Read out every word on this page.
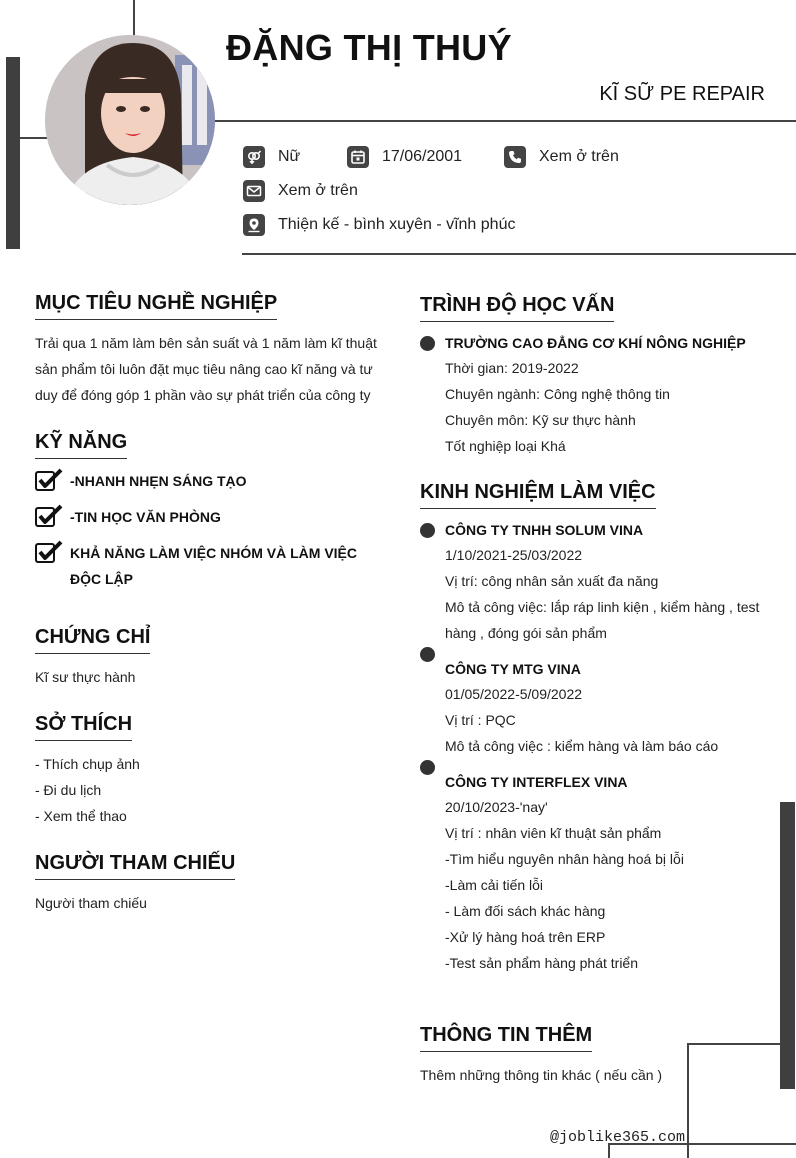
ĐẶNG THỊ THUÝ
KĨ SỮ PE REPAIR
Nữ	17/06/2001	Xem ở trên
Xem ở trên
Thiện kế - bình xuyên - vĩnh phúc
MỤC TIÊU NGHỀ NGHIỆP
Trải qua 1 năm làm bên sản suất và 1 năm làm kĩ thuật sản phẩm tôi luôn đặt mục tiêu nâng cao kĩ năng và tư duy để đóng góp 1 phần vào sự phát triển của công ty
KỸ NĂNG
-NHANH NHẸN SÁNG TẠO
-TIN HỌC VĂN PHÒNG
KHẢ NĂNG LÀM VIỆC NHÓM VÀ LÀM VIỆC ĐỘC LẬP
CHỨNG CHỈ
Kĩ sư thực hành
SỞ THÍCH
- Thích chụp ảnh
- Đi du lịch
- Xem thể thao
NGƯỜI THAM CHIẾU
Người tham chiếu
TRÌNH ĐỘ HỌC VẤN
TRƯỜNG CAO ĐẲNG CƠ KHÍ NÔNG NGHIỆP
Thời gian: 2019-2022
Chuyên ngành: Công nghệ thông tin
Chuyên môn: Kỹ sư thực hành
Tốt nghiệp loại Khá
KINH NGHIỆM LÀM VIỆC
CÔNG TY TNHH SOLUM VINA
1/10/2021-25/03/2022
Vị trí: công nhân sản xuất đa năng
Mô tả công việc: lắp ráp linh kiện , kiểm hàng , test hàng , đóng gói sản phẩm
CÔNG TY MTG VINA
01/05/2022-5/09/2022
Vị trí : PQC
Mô tả công việc : kiểm hàng và làm báo cáo
CÔNG TY INTERFLEX VINA
20/10/2023-'nay'
Vị trí : nhân viên kĩ thuật sản phẩm
-Tìm hiểu nguyên nhân hàng hoá bị lỗi
-Làm cải tiến lỗi
- Làm đối sách khác hàng
-Xử lý hàng hoá trên ERP
-Test sản phẩm hàng phát triển
THÔNG TIN THÊM
Thêm những thông tin khác ( nếu cần )
@joblike365.com
